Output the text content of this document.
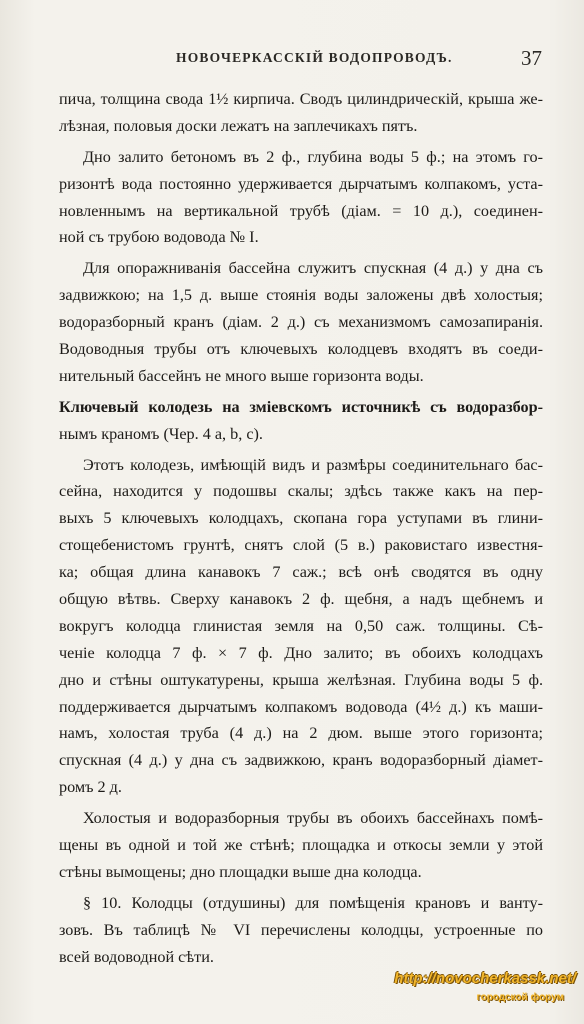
НОВОЧЕРКАССКІЙ ВОДОПРОВОДЪ.	37
пича, толщина свода 1½ кирпича. Сводъ цилиндрическій, крыша же-
лѣзная, половыя доски лежатъ на заплечикахъ пятъ.
Дно залито бетономъ въ 2 ф., глубина воды 5 ф.; на этомъ го-
ризонтѣ вода постоянно удерживается дырчатымъ колпакомъ, уста-
новленнымъ на вертикальной трубѣ (діам. = 10 д.), соединен-
ной съ трубою водовода № I.
Для опоражниванія бассейна служитъ спускная (4 д.) у дна съ
задвижкою; на 1,5 д. выше стоянія воды заложены двѣ холостыя;
водоразборный кранъ (діам. 2 д.) съ механизмомъ самозапиранія.
Водоводныя трубы отъ ключевыхъ колодцевъ входятъ въ соеди-
нительный бассейнъ не много выше горизонта воды.
Ключевый колодезь на зміевскомъ источникѣ съ водоразбор-
нымъ краномъ (Чер. 4 a, b, c).
Этотъ колодезь, имѣющій видъ и размѣры соединительнаго бас-
сейна, находится у подошвы скалы; здѣсь также какъ на пер-
выхъ 5 ключевыхъ колодцахъ, скопана гора уступами въ глини-
стощебенистомъ грунтѣ, снятъ слой (5 в.) раковистаго известня-
ка; общая длина канавокъ 7 саж.; всѣ онѣ сводятся въ одну
общую вѣтвь. Сверху канавокъ 2 ф. щебня, а надъ щебнемъ и
вокругъ колодца глинистая земля на 0,50 саж. толщины. Сѣ-
ченіе колодца 7 ф. × 7 ф. Дно залито; въ обоихъ колодцахъ
дно и стѣны оштукатурены, крыша желѣзная. Глубина воды 5 ф.
поддерживается дырчатымъ колпакомъ водовода (4½ д.) къ маши-
намъ, холостая труба (4 д.) на 2 дюм. выше этого горизонта;
спускная (4 д.) у дна съ задвижкою, кранъ водоразборный діамет-
ромъ 2 д.
Холостыя и водоразборныя трубы въ обоихъ бассейнахъ помѣ-
щены въ одной и той же стѣнѣ; площадка и откосы земли у этой
стѣны вымощены; дно площадки выше дна колодца.
§ 10. Колодцы (отдушины) для помѣщенія крановъ и ванту-
зовъ. Въ таблицѣ № VI перечислены колодцы, устроенные по
всей водоводной сѣти.
http://novocherkassk.net/
городской форум
